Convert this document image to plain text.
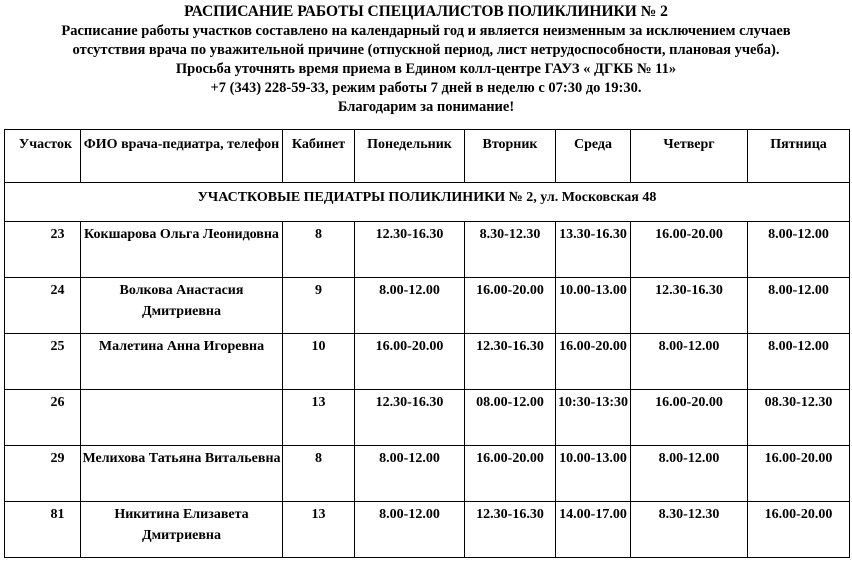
РАСПИСАНИЕ РАБОТЫ СПЕЦИАЛИСТОВ ПОЛИКЛИНИКИ № 2
Расписание работы участков составлено на календарный год и является неизменным за исключением случаев
отсутствия врача по уважительной причине (отпускной период, лист нетрудоспособности, плановая учеба).
Просьба уточнять время приема в Едином колл-центре ГАУЗ « ДГКБ № 11»
+7 (343) 228-59-33, режим работы 7 дней в неделю с 07:30 до 19:30.
Благодарим за понимание!
Участок	ФИО врача-педиатра, телефон	Кабинет	Понедельник	Вторник	Среда	Четверг	Пятница
УЧАСТКОВЫЕ ПЕДИАТРЫ ПОЛИКЛИНИКИ № 2, ул. Московская 48							
23	Кокшарова Ольга Леонидовна	8	12.30-16.30	8.30-12.30	13.30-16.30	16.00-20.00	8.00-12.00
24	Волкова Анастасия Дмитриевна	9	8.00-12.00	16.00-20.00	10.00-13.00	12.30-16.30	8.00-12.00
25	Малетина Анна Игоревна	10	16.00-20.00	12.30-16.30	16.00-20.00	8.00-12.00	8.00-12.00
26		13	12.30-16.30	08.00-12.00	10:30-13:30	16.00-20.00	08.30-12.30
29	Мелихова Татьяна Витальевна	8	8.00-12.00	16.00-20.00	10.00-13.00	8.00-12.00	16.00-20.00
81	Никитина Елизавета Дмитриевна	13	8.00-12.00	12.30-16.30	14.00-17.00	8.30-12.30	16.00-20.00
